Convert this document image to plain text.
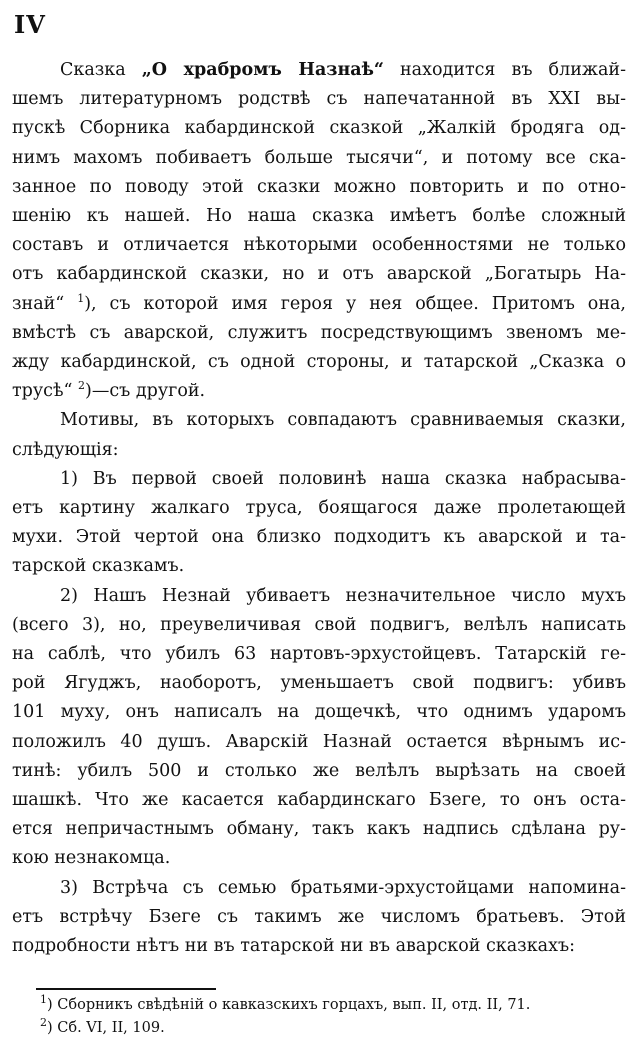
IV
Сказка „О храбромъ Назнаѣ“ находится въ ближай-
шемъ литературномъ родствѣ съ напечатанной въ XXI вы-
пускѣ Сборника кабардинской сказкой „Жалкій бродяга од-
нимъ махомъ побиваетъ больше тысячи“, и потому все ска-
занное по поводу этой сказки можно повторить и по отно-
шенію къ нашей. Но наша сказка имѣетъ болѣе сложный
составъ и отличается нѣкоторыми особенностями не только
отъ кабардинской сказки, но и отъ аварской „Богатырь На-
знай“ $^1$), съ которой имя героя у нея общее. Притомъ она,
вмѣстѣ съ аварской, служитъ посредствующимъ звеномъ ме-
жду кабардинской, съ одной стороны, и татарской „Сказка о
трусѣ“ $^2$)—съ другой.
Мотивы, въ которыхъ совпадаютъ сравниваемыя сказки,
слѣдующія:
1) Въ первой своей половинѣ наша сказка набрасыва-
етъ картину жалкаго труса, боящагося даже пролетающей
мухи. Этой чертой она близко подходитъ къ аварской и та-
тарской сказкамъ.
2) Нашъ Незнай убиваетъ незначительное число мухъ
(всего 3), но, преувеличивая свой подвигъ, велѣлъ написать
на саблѣ, что убилъ 63 нартовъ-эрхустойцевъ. Татарскій ге-
рой Ягуджъ, наоборотъ, уменьшаетъ свой подвигъ: убивъ
101 муху, онъ написалъ на дощечкѣ, что однимъ ударомъ
положилъ 40 душъ. Аварскій Назнай остается вѣрнымъ ис-
тинѣ: убилъ 500 и столько же велѣлъ вырѣзать на своей
шашкѣ. Что же касается кабардинскаго Бзеге, то онъ оста-
ется непричастнымъ обману, такъ какъ надпись сдѣлана ру-
кою незнакомца.
3) Встрѣча съ семью братьями-эрхустойцами напомина-
етъ встрѣчу Бзеге съ такимъ же числомъ братьевъ. Этой
подробности нѣтъ ни въ татарской ни въ аварской сказкахъ:
$^1$) Сборникъ свѣдѣній о кавказскихъ горцахъ, вып. II, отд. II, 71.
$^2$) Сб. VI, II, 109.
